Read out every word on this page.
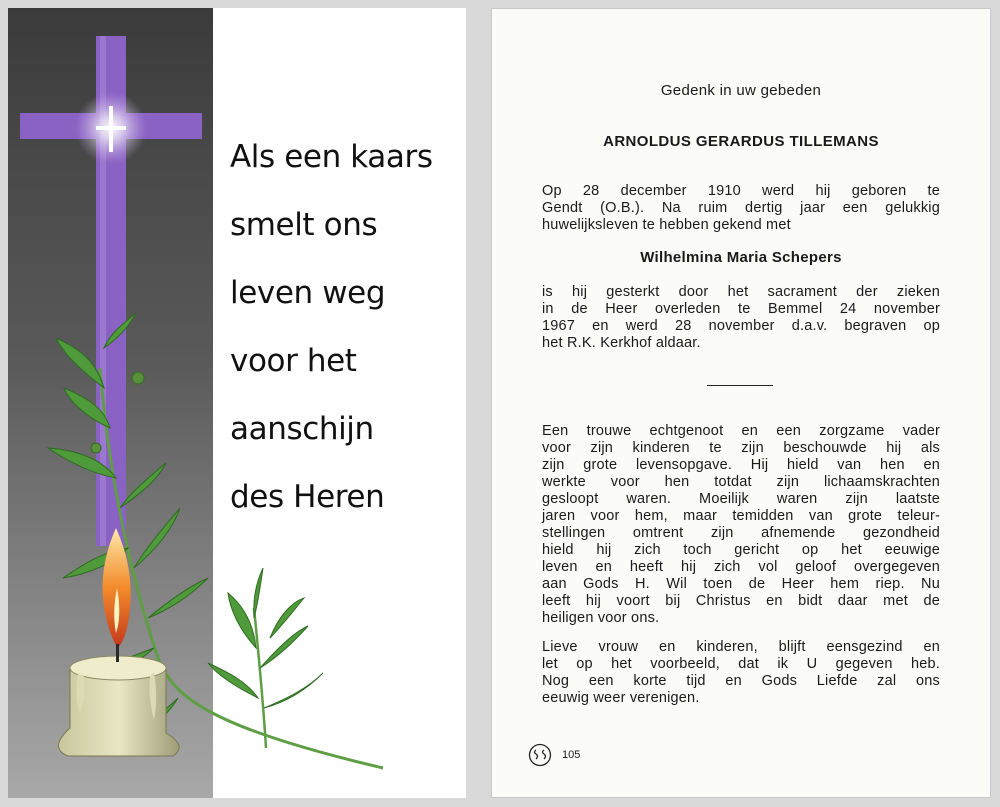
Als een kaars
smelt ons
leven weg
voor het
aanschijn
des Heren
Gedenk in uw gebeden
ARNOLDUS GERARDUS TILLEMANS
Op 28 december 1910 werd hij geboren te
Gendt (O.B.). Na ruim dertig jaar een gelukkig
huwelijksleven te hebben gekend met
Wilhelmina Maria Schepers
is hij gesterkt door het sacrament der zieken
in de Heer overleden te Bemmel 24 november
1967 en werd 28 november d.a.v. begraven op
het R.K. Kerkhof aldaar.
Een trouwe echtgenoot en een zorgzame vader
voor zijn kinderen te zijn beschouwde hij als
zijn grote levensopgave. Hij hield van hen en
werkte voor hen totdat zijn lichaamskrachten
gesloopt waren. Moeilijk waren zijn laatste
jaren voor hem, maar temidden van grote teleur-
stellingen omtrent zijn afnemende gezondheid
hield hij zich toch gericht op het eeuwige
leven en heeft hij zich vol geloof overgegeven
aan Gods H. Wil toen de Heer hem riep. Nu
leeft hij voort bij Christus en bidt daar met de
heiligen voor ons.
Lieve vrouw en kinderen, blijft eensgezind en
let op het voorbeeld, dat ik U gegeven heb.
Nog een korte tijd en Gods Liefde zal ons
eeuwig weer verenigen.
105
